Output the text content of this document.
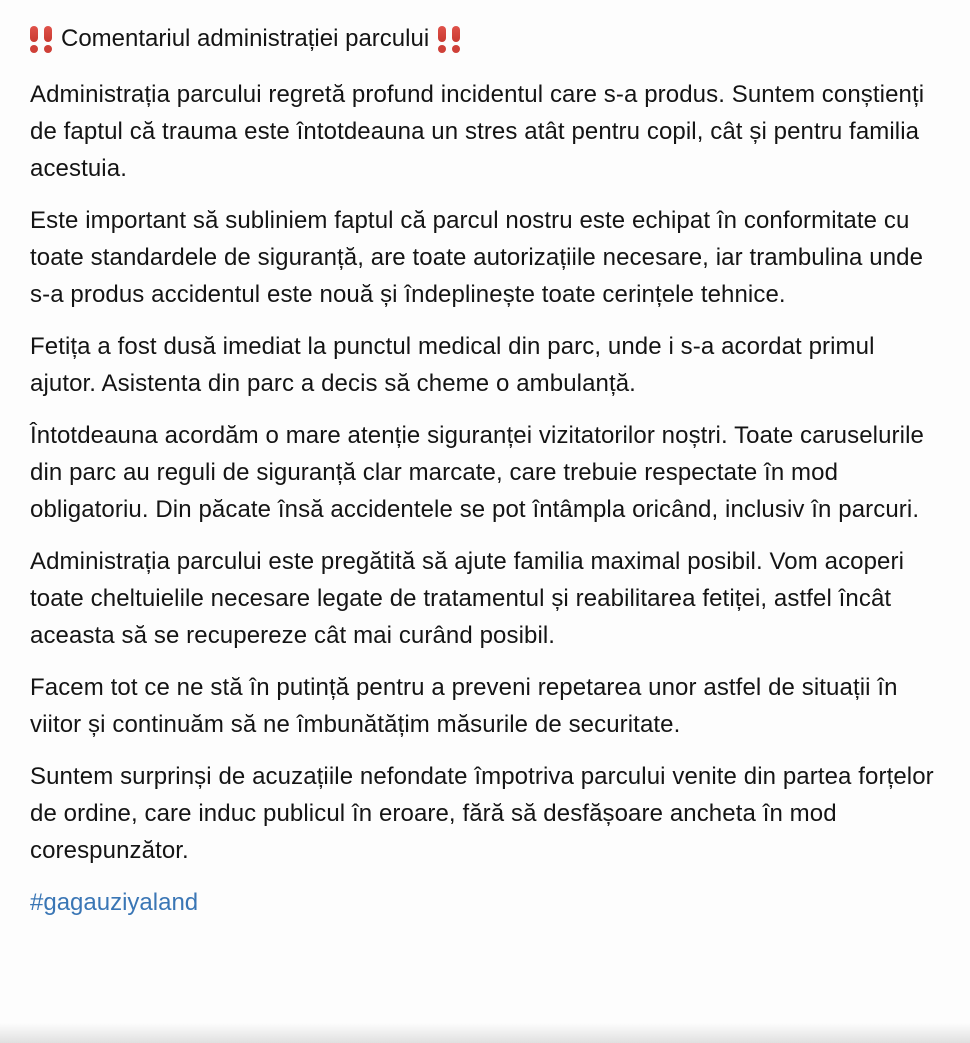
Comentariul administrației parcului

Administrația parcului regretă profund incidentul care s-a produs. Suntem conștienți de faptul că trauma este întotdeauna un stres atât pentru copil, cât și pentru familia acestuia.

Este important să subliniem faptul că parcul nostru este echipat în conformitate cu toate standardele de siguranță, are toate autorizațiile necesare, iar trambulina unde s-a produs accidentul este nouă și îndeplinește toate cerințele tehnice.

Fetița a fost dusă imediat la punctul medical din parc, unde i s-a acordat primul ajutor. Asistenta din parc a decis să cheme o ambulanță.

Întotdeauna acordăm o mare atenție siguranței vizitatorilor noștri. Toate caruselurile din parc au reguli de siguranță clar marcate, care trebuie respectate în mod obligatoriu. Din păcate însă accidentele se pot întâmpla oricând, inclusiv în parcuri.

Administrația parcului este pregătită să ajute familia maximal posibil. Vom acoperi toate cheltuielile necesare legate de tratamentul și reabilitarea fetiței, astfel încât aceasta să se recupereze cât mai curând posibil.

Facem tot ce ne stă în putință pentru a preveni repetarea unor astfel de situații în viitor și continuăm să ne îmbunătățim măsurile de securitate.

Suntem surprinși de acuzațiile nefondate împotriva parcului venite din partea forțelor de ordine, care induc publicul în eroare, fără să desfășoare ancheta în mod corespunzător.

#gagauziyaland
